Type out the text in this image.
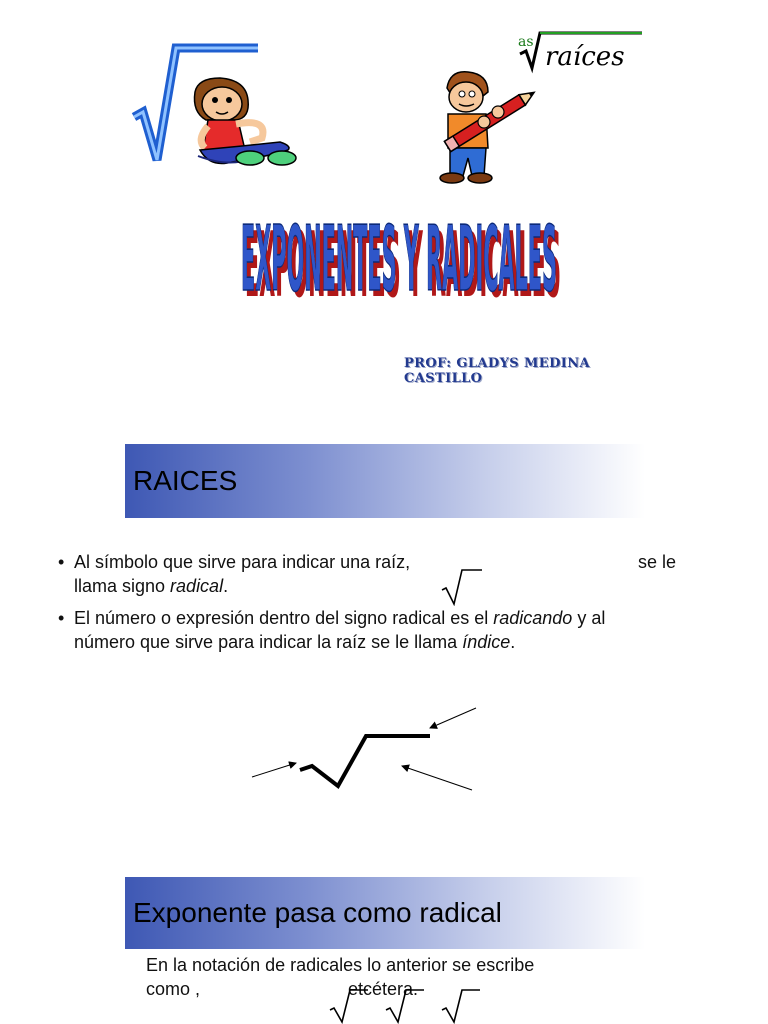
as raíces
EXPONENTES Y RADICALES
EXPONENTES Y RADICALES
PROF: GLADYS MEDINA CASTILLO
RAICES
• Al símbolo que sirve para indicar una raíz,	se le
llama signo radical.
• El número o expresión dentro del signo radical es el radicando y al
número que sirve para indicar la raíz se le llama índice.
Exponente pasa como radical
En la notación de radicales lo anterior se escribe
como ,	etcétera.
